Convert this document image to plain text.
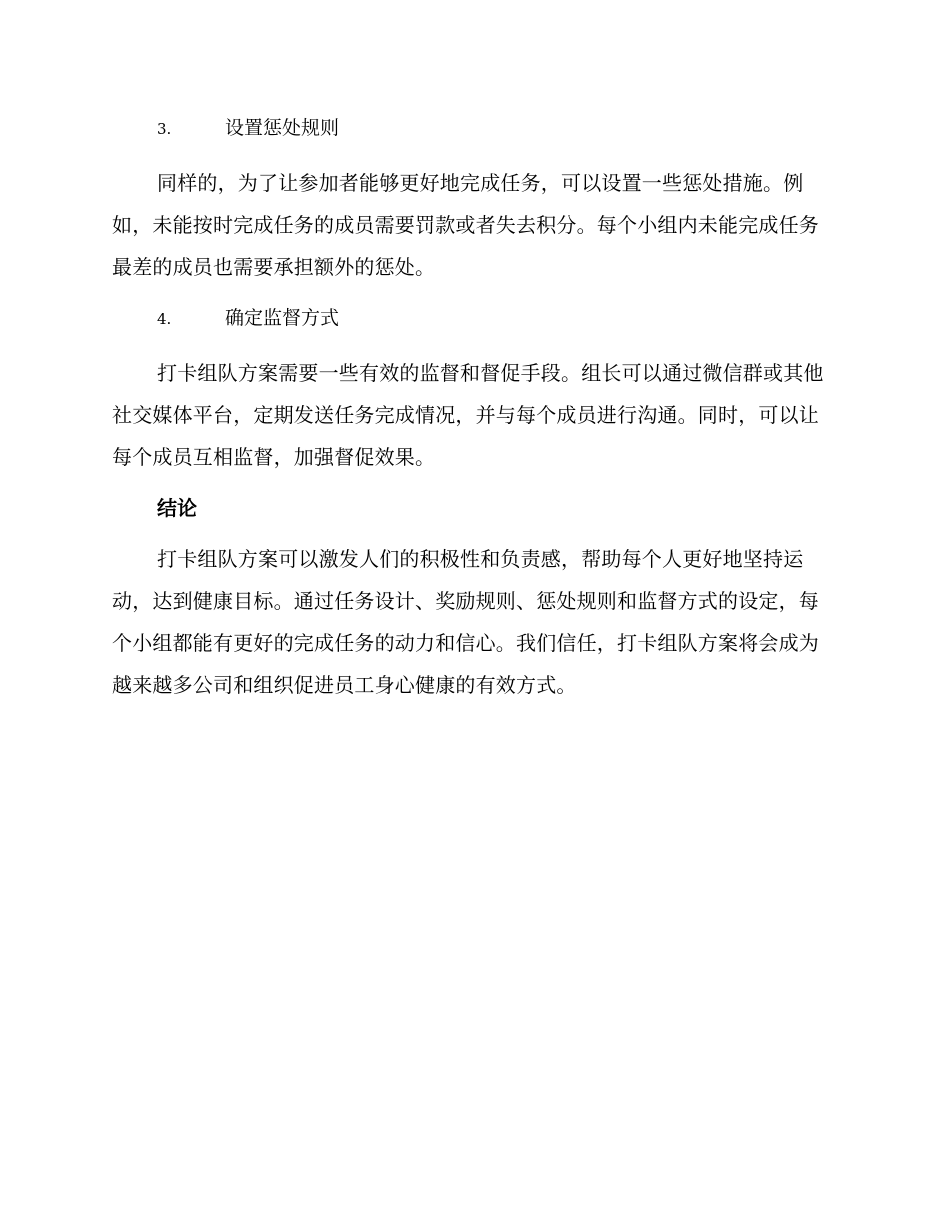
3.	设置惩处规则

同样的，为了让参加者能够更好地完成任务，可以设置一些惩处措施。例如，未能按时完成任务的成员需要罚款或者失去积分。每个小组内未能完成任务最差的成员也需要承担额外的惩处。

4.	确定监督方式

打卡组队方案需要一些有效的监督和督促手段。组长可以通过微信群或其他社交媒体平台，定期发送任务完成情况，并与每个成员进行沟通。同时，可以让每个成员互相监督，加强督促效果。

结论

打卡组队方案可以激发人们的积极性和负责感，帮助每个人更好地坚持运动，达到健康目标。通过任务设计、奖励规则、惩处规则和监督方式的设定，每个小组都能有更好的完成任务的动力和信心。我们信任，打卡组队方案将会成为越来越多公司和组织促进员工身心健康的有效方式。
